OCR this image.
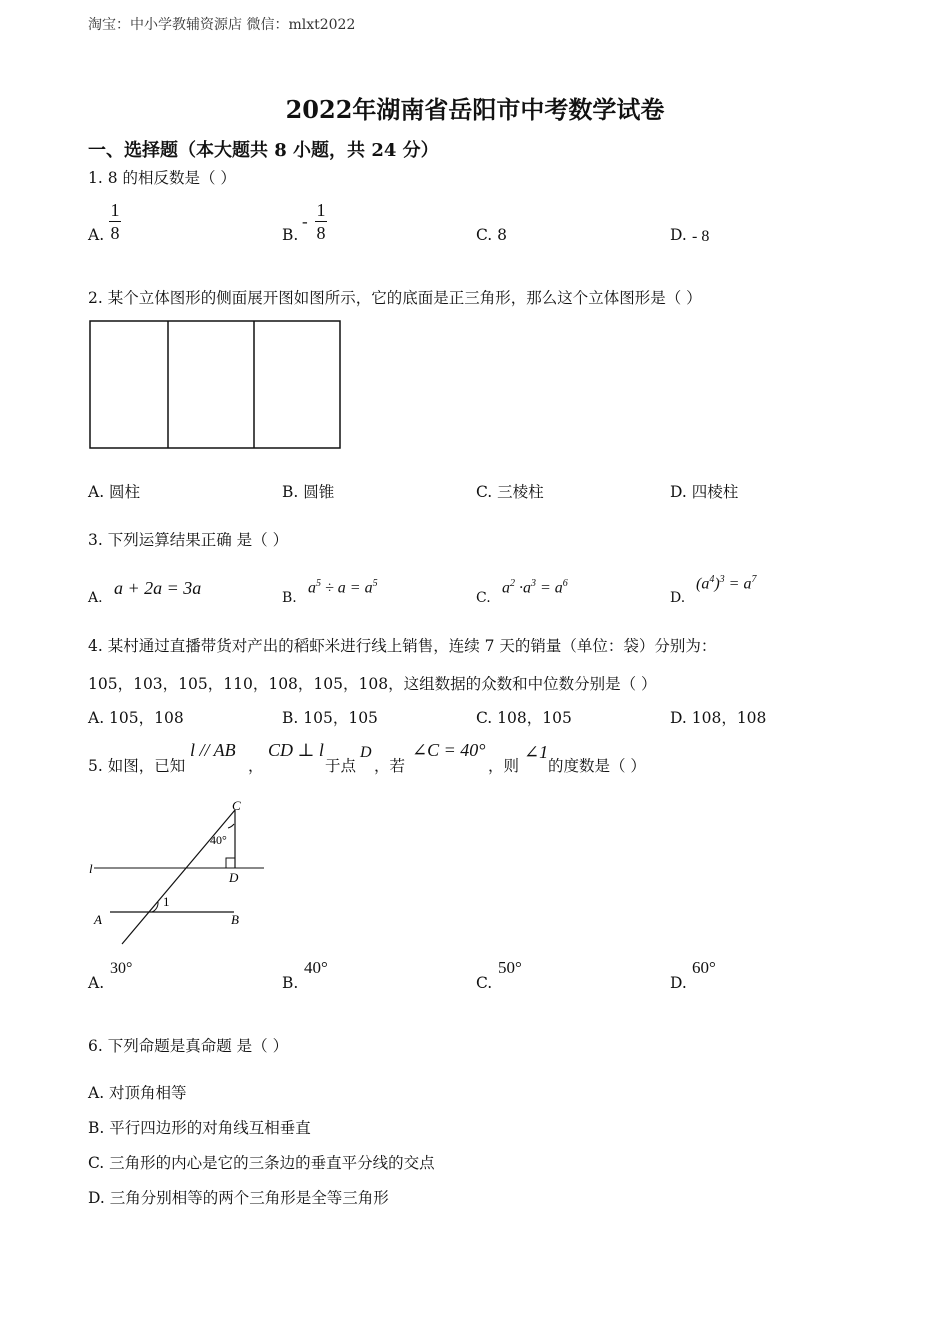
淘宝：中小学教辅资源店 微信：mlxt2022
2022年湖南省岳阳市中考数学试卷
一、选择题（本大题共 8 小题，共 24 分）
1. 8 的相反数是（ ）
A.
1
8	B.
-
1
8	C. 8	D. - 8
2. 某个立体图形的侧面展开图如图所示，它的底面是正三角形，那么这个立体图形是（ ）
A. 圆柱	B. 圆锥	C. 三棱柱	D. 四棱柱
3. 下列运算结果正确 是（ ）
A. a + 2a = 3a	B.
$a^5 \div a = a^5$
C.
$a^2 \cdot a^3 = a^6$
D.
$(a^4)^3 = a^7$
4. 某村通过直播带货对产出的稻虾米进行线上销售，连续 7 天的销量（单位：袋）分别为：
105，103，105，110，108，105，108，这组数据的众数和中位数分别是（ ）
A. 105，108	B. 105，105	C. 108，105	D. 108，108
5. 如图，已知
l // AB
，
CD ⊥ l
于点
D
，若
∠C = 40°
，则
∠1
的度数是（ ）
C
40°
l
D
1
A	B
A.
30°
B.
40°
C.
50°
D.
60°
6. 下列命题是真命题 是（ ）
A. 对顶角相等
B. 平行四边形的对角线互相垂直
C. 三角形的内心是它的三条边的垂直平分线的交点
D. 三角分别相等的两个三角形是全等三角形
